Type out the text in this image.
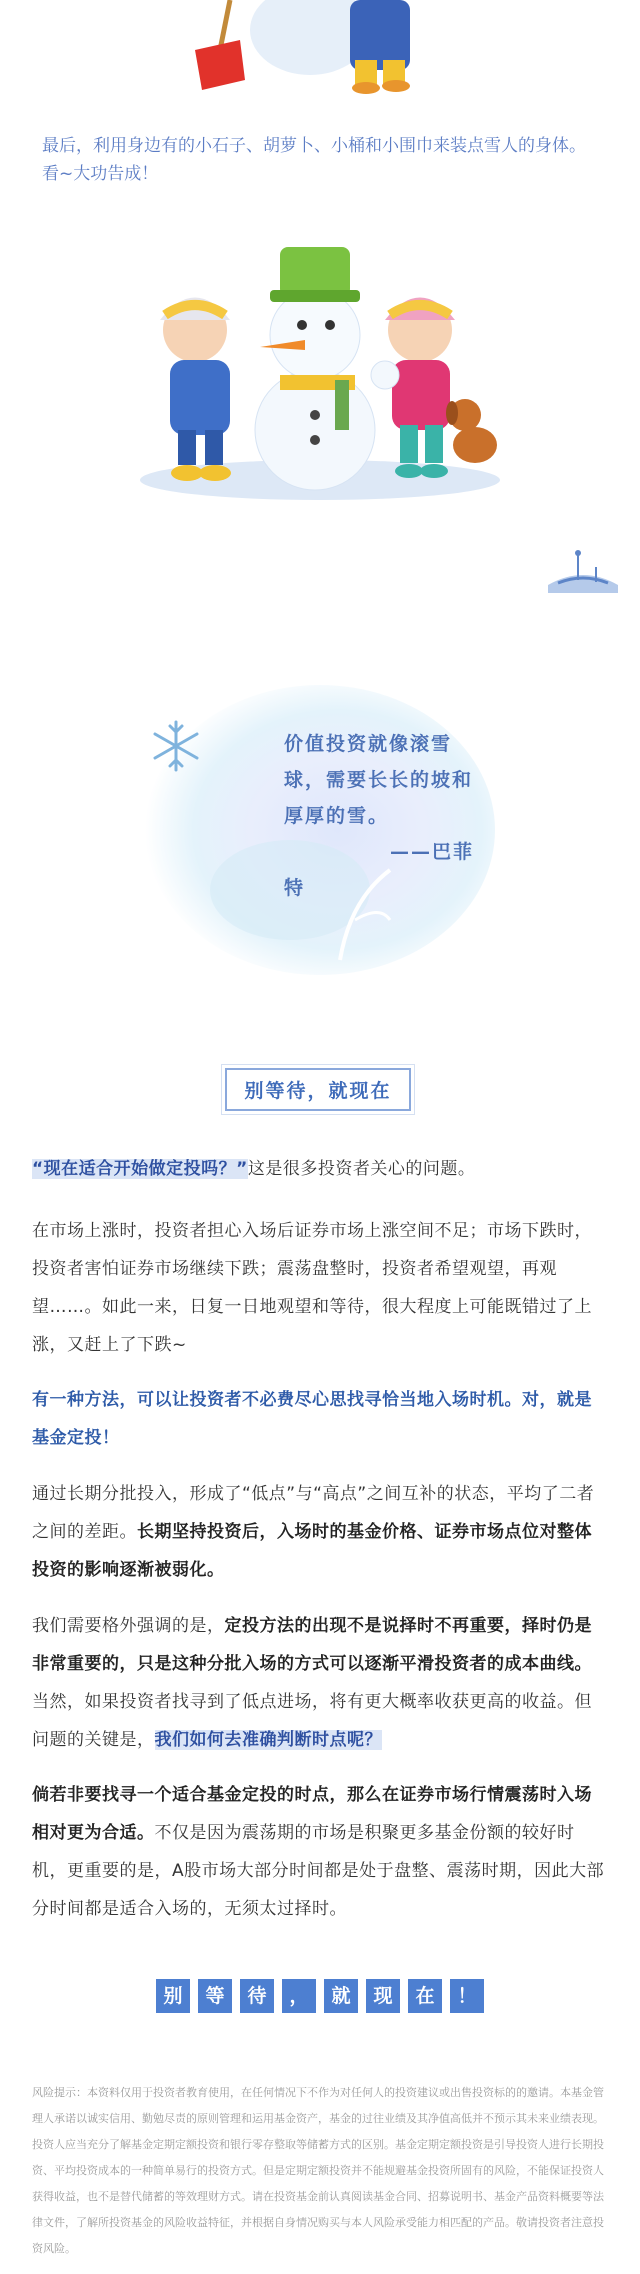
最后，利用身边有的小石子、胡萝卜、小桶和小围巾来装点雪人的身体。看~大功告成！
价值投资就像滚雪
球，需要长长的坡和
厚厚的雪。
——巴菲
特
别等待，就现在
“现在适合开始做定投吗？”这是很多投资者关心的问题。
在市场上涨时，投资者担心入场后证券市场上涨空间不足；市场下跌时，投资者害怕证券市场继续下跌；震荡盘整时，投资者希望观望，再观望……。如此一来，日复一日地观望和等待，很大程度上可能既错过了上涨，又赶上了下跌~
有一种方法，可以让投资者不必费尽心思找寻恰当地入场时机。对，就是基金定投！
通过长期分批投入，形成了“低点”与“高点”之间互补的状态，平均了二者之间的差距。长期坚持投资后，入场时的基金价格、证券市场点位对整体投资的影响逐渐被弱化。
我们需要格外强调的是，定投方法的出现不是说择时不再重要，择时仍是非常重要的，只是这种分批入场的方式可以逐渐平滑投资者的成本曲线。当然，如果投资者找寻到了低点进场，将有更大概率收获更高的收益。但问题的关键是，我们如何去准确判断时点呢？
倘若非要找寻一个适合基金定投的时点，那么在证券市场行情震荡时入场相对更为合适。不仅是因为震荡期的市场是积聚更多基金份额的较好时机，更重要的是，A股市场大部分时间都是处于盘整、震荡时期，因此大部分时间都是适合入场的，无须太过择时。
别 等 待 ， 就 现 在 ！
风险提示：本资料仅用于投资者教育使用，在任何情况下不作为对任何人的投资建议或出售投资标的的邀请。本基金管理人承诺以诚实信用、勤勉尽责的原则管理和运用基金资产，基金的过往业绩及其净值高低并不预示其未来业绩表现。投资人应当充分了解基金定期定额投资和银行零存整取等储蓄方式的区别。基金定期定额投资是引导投资人进行长期投资、平均投资成本的一种简单易行的投资方式。但是定期定额投资并不能规避基金投资所固有的风险，不能保证投资人获得收益，也不是替代储蓄的等效理财方式。请在投资基金前认真阅读基金合同、招募说明书、基金产品资料概要等法律文件，了解所投资基金的风险收益特征，并根据自身情况购买与本人风险承受能力相匹配的产品。敬请投资者注意投资风险。
